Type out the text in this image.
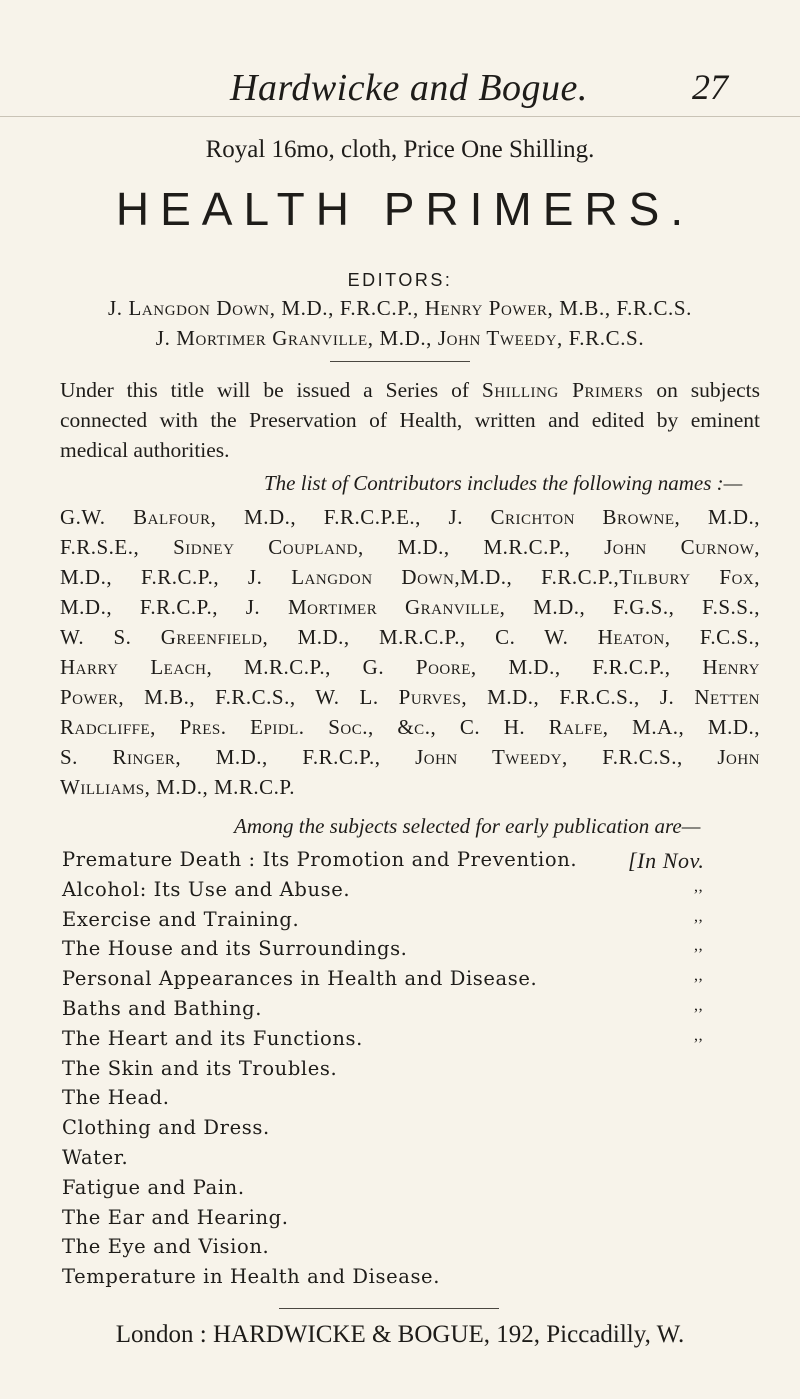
Hardwicke and Bogue.	27
Royal 16mo, cloth, Price One Shilling.
HEALTH PRIMERS.
EDITORS:
J. Langdon Down, M.D., F.R.C.P., Henry Power, M.B., F.R.C.S.
J. Mortimer Granville, M.D., John Tweedy, F.R.C.S.

Under this title will be issued a Series of Shilling Primers on subjects connected with the Preservation of Health, written and edited by eminent medical authorities.

The list of Contributors includes the following names :—
G.W. Balfour, M.D., F.R.C.P.E., J. Crichton Browne, M.D.,
F.R.S.E., Sidney Coupland, M.D., M.R.C.P., John Curnow,
M.D., F.R.C.P., J. Langdon Down,M.D., F.R.C.P.,Tilbury Fox,
M.D., F.R.C.P., J. Mortimer Granville, M.D., F.G.S., F.S.S.,
W. S. Greenfield, M.D., M.R.C.P., C. W. Heaton, F.C.S.,
Harry Leach, M.R.C.P., G. Poore, M.D., F.R.C.P., Henry
Power, M.B., F.R.C.S., W. L. Purves, M.D., F.R.C.S., J. Netten
Radcliffe, Pres. Epidl. Soc., &c., C. H. Ralfe, M.A., M.D.,
S. Ringer, M.D., F.R.C.P., John Tweedy, F.R.C.S., John
Williams, M.D., M.R.C.P.
Among the subjects selected for early publication are—
Premature Death : Its Promotion and Prevention. [In Nov.
Alcohol: Its Use and Abuse.	,,
Exercise and Training.	,,
The House and its Surroundings.	,,
Personal Appearances in Health and Disease.	,,
Baths and Bathing.	,,
The Heart and its Functions.	,,
The Skin and its Troubles.
The Head.
Clothing and Dress.
Water.
Fatigue and Pain.
The Ear and Hearing.
The Eye and Vision.
Temperature in Health and Disease.
London : HARDWICKE & BOGUE, 192, Piccadilly, W.
